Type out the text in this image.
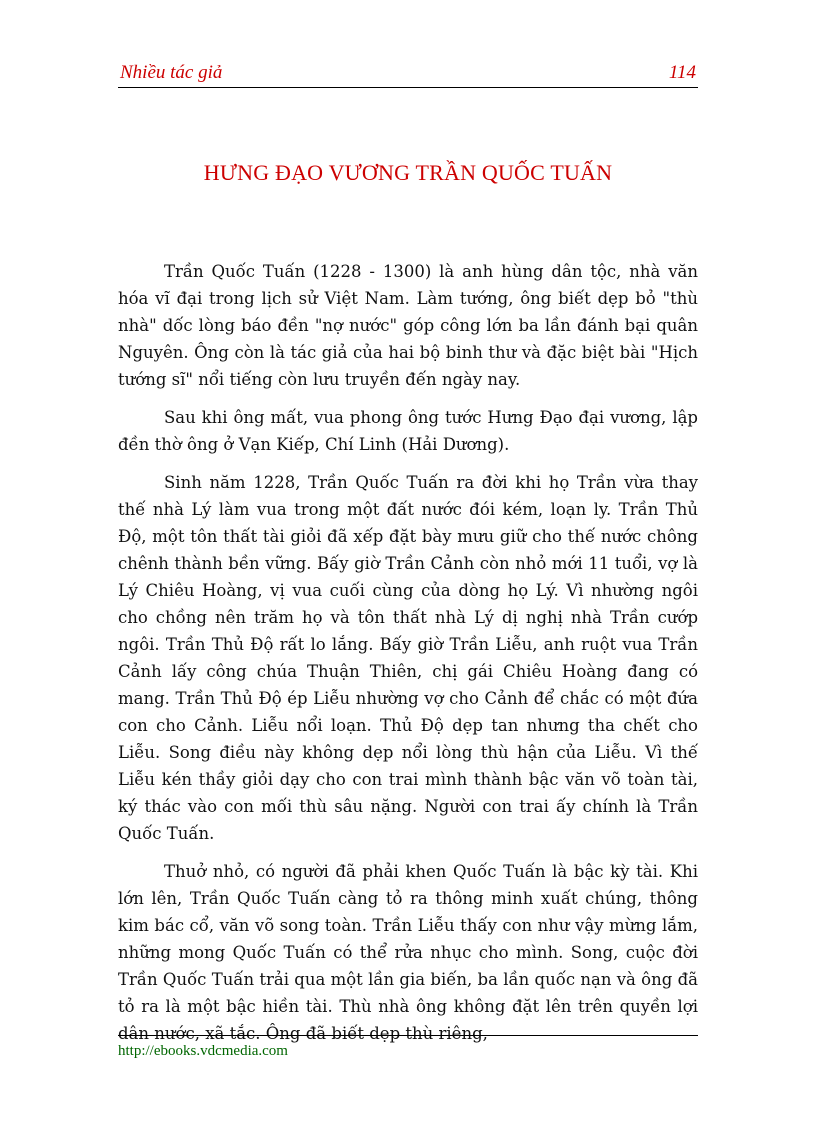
Nhiều tác giả	114
HƯNG ĐẠO VƯƠNG TRẦN QUỐC TUẤN

Trần Quốc Tuấn (1228 - 1300) là anh hùng dân tộc, nhà văn hóa vĩ đại trong lịch sử Việt Nam. Làm tướng, ông biết dẹp bỏ "thù nhà" dốc lòng báo đền "nợ nước" góp công lớn ba lần đánh bại quân Nguyên. Ông còn là tác giả của hai bộ binh thư và đặc biệt bài "Hịch tướng sĩ" nổi tiếng còn lưu truyền đến ngày nay.

Sau khi ông mất, vua phong ông tước Hưng Đạo đại vương, lập đền thờ ông ở Vạn Kiếp, Chí Linh (Hải Dương).

Sinh năm 1228, Trần Quốc Tuấn ra đời khi họ Trần vừa thay thế nhà Lý làm vua trong một đất nước đói kém, loạn ly. Trần Thủ Độ, một tôn thất tài giỏi đã xếp đặt bày mưu giữ cho thế nước chông chênh thành bền vững. Bấy giờ Trần Cảnh còn nhỏ mới 11 tuổi, vợ là Lý Chiêu Hoàng, vị vua cuối cùng của dòng họ Lý. Vì nhường ngôi cho chồng nên trăm họ và tôn thất nhà Lý dị nghị nhà Trần cướp ngôi. Trần Thủ Độ rất lo lắng. Bấy giờ Trần Liễu, anh ruột vua Trần Cảnh lấy công chúa Thuận Thiên, chị gái Chiêu Hoàng đang có mang. Trần Thủ Độ ép Liễu nhường vợ cho Cảnh để chắc có một đứa con cho Cảnh. Liễu nổi loạn. Thủ Độ dẹp tan nhưng tha chết cho Liễu. Song điều này không dẹp nổi lòng thù hận của Liễu. Vì thế Liễu kén thầy giỏi dạy cho con trai mình thành bậc văn võ toàn tài, ký thác vào con mối thù sâu nặng. Người con trai ấy chính là Trần Quốc Tuấn.

Thuở nhỏ, có người đã phải khen Quốc Tuấn là bậc kỳ tài. Khi lớn lên, Trần Quốc Tuấn càng tỏ ra thông minh xuất chúng, thông kim bác cổ, văn võ song toàn. Trần Liễu thấy con như vậy mừng lắm, những mong Quốc Tuấn có thể rửa nhục cho mình. Song, cuộc đời Trần Quốc Tuấn trải qua một lần gia biến, ba lần quốc nạn và ông đã tỏ ra là một bậc hiền tài. Thù nhà ông không đặt lên trên quyền lợi dân nước, xã tắc. Ông đã biết dẹp thù riêng,

http://ebooks.vdcmedia.com
